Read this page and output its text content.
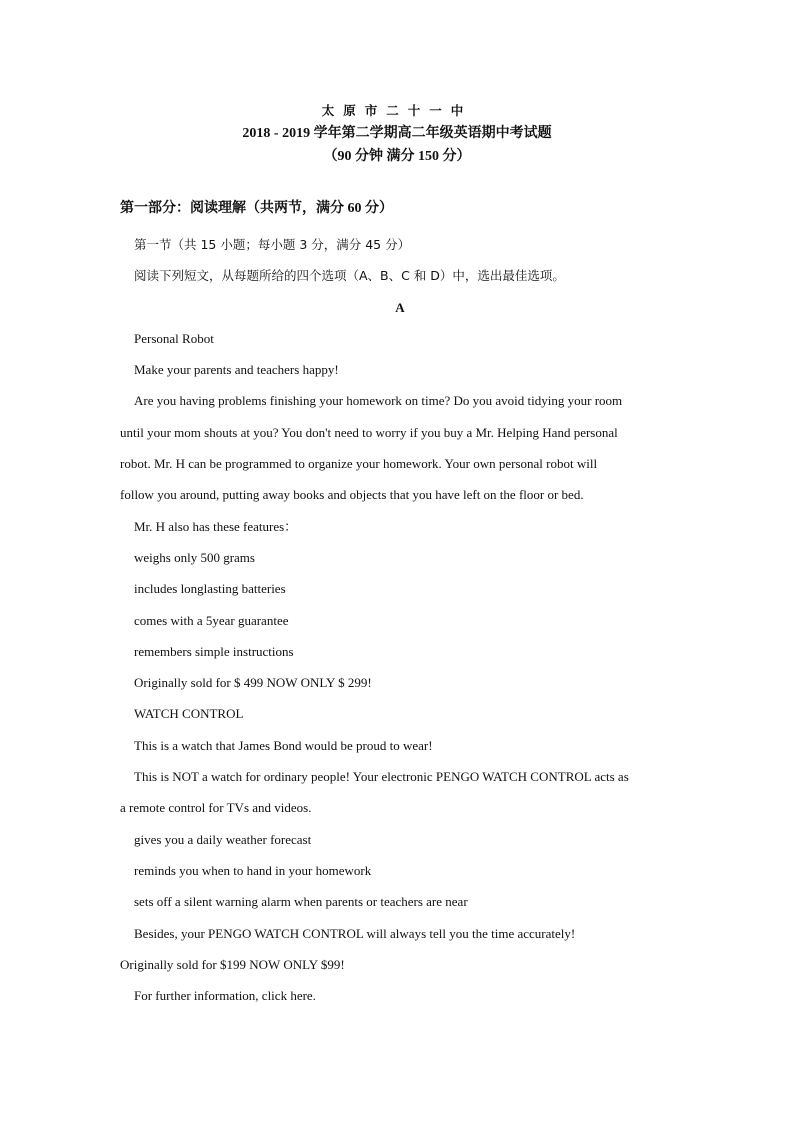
太原市二十一中
2018 - 2019 学年第二学期高二年级英语期中考试题
（90 分钟 满分 150 分）
第一部分：阅读理解（共两节，满分 60 分）
第一节（共 15 小题；每小题 3 分，满分 45 分）
阅读下列短文，从每题所给的四个选项（A、B、C 和 D）中，选出最佳选项。
A
Personal Robot
Make your parents and teachers happy!
Are you having problems finishing your homework on time? Do you avoid tidying your room
until your mom shouts at you? You don't need to worry if you buy a Mr. Helping Hand personal
robot. Mr. H can be programmed to organize your homework. Your own personal robot will
follow you around, putting away books and objects that you have left on the floor or bed.
Mr. H also has these features：
weighs only 500 grams
includes longlasting batteries
comes with a 5year guarantee
remembers simple instructions
Originally sold for $ 499 NOW ONLY $ 299!
WATCH CONTROL
This is a watch that James Bond would be proud to wear!
This is NOT a watch for ordinary people! Your electronic PENGO WATCH CONTROL acts as
a remote control for TVs and videos.
gives you a daily weather forecast
reminds you when to hand in your homework
sets off a silent warning alarm when parents or teachers are near
Besides, your PENGO WATCH CONTROL will always tell you the time accurately!
Originally sold for $199 NOW ONLY $99!
For further information, click here.
